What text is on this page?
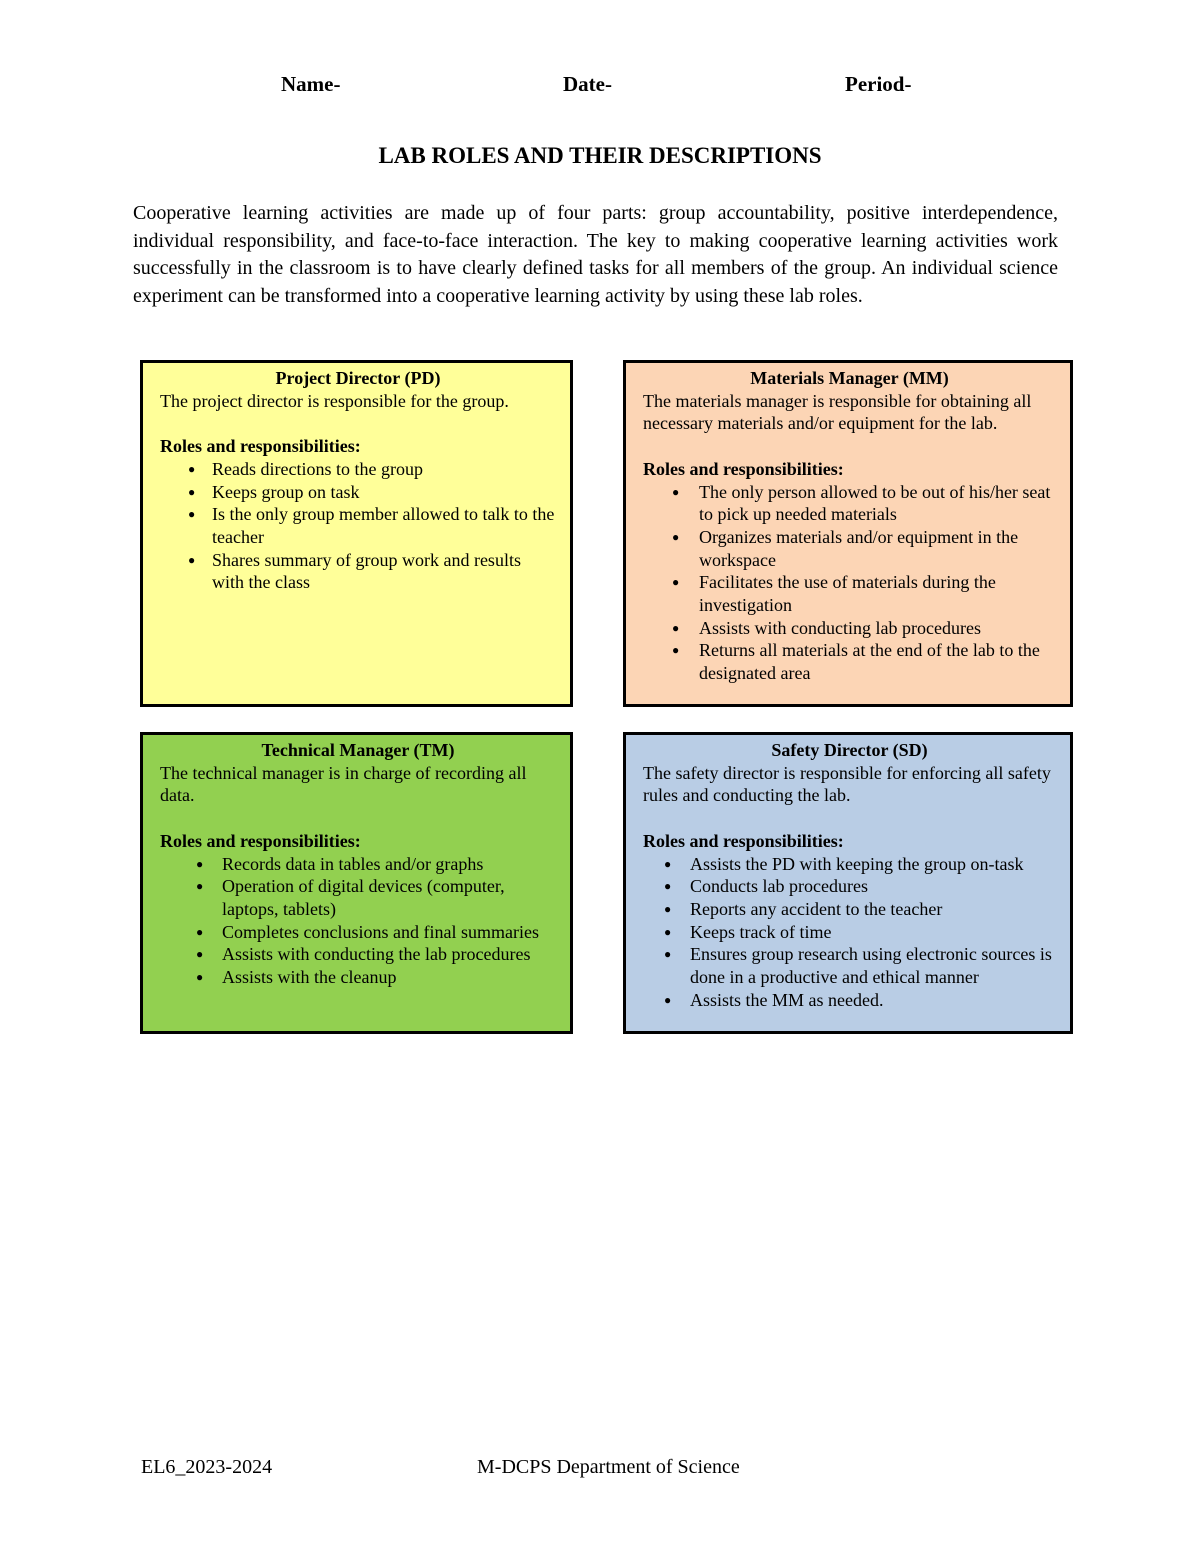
Name-	Date-	Period-
LAB ROLES AND THEIR DESCRIPTIONS

Cooperative learning activities are made up of four parts: group accountability, positive interdependence, individual responsibility, and face-to-face interaction. The key to making cooperative learning activities work successfully in the classroom is to have clearly defined tasks for all members of the group. An individual science experiment can be transformed into a cooperative learning activity by using these lab roles.

Project Director (PD)

The project director is responsible for the group.

Roles and responsibilities:

● Reads directions to the group
● Keeps group on task
● Is the only group member allowed to talk to the teacher
● Shares summary of group work and results with the class
Materials Manager (MM)

The materials manager is responsible for obtaining all necessary materials and/or equipment for the lab.

Roles and responsibilities:

● The only person allowed to be out of his/her seat to pick up needed materials
● Organizes materials and/or equipment in the workspace
● Facilitates the use of materials during the investigation
● Assists with conducting lab procedures
● Returns all materials at the end of the lab to the designated area
Technical Manager (TM)

The technical manager is in charge of recording all data.

Roles and responsibilities:

● Records data in tables and/or graphs
● Operation of digital devices (computer, laptops, tablets)
● Completes conclusions and final summaries
● Assists with conducting the lab procedures
● Assists with the cleanup
Safety Director (SD)

The safety director is responsible for enforcing all safety rules and conducting the lab.

Roles and responsibilities:

● Assists the PD with keeping the group on-task
● Conducts lab procedures
● Reports any accident to the teacher
● Keeps track of time
● Ensures group research using electronic sources is done in a productive and ethical manner
● Assists the MM as needed.
EL6_2023-2024	M-DCPS Department of Science
